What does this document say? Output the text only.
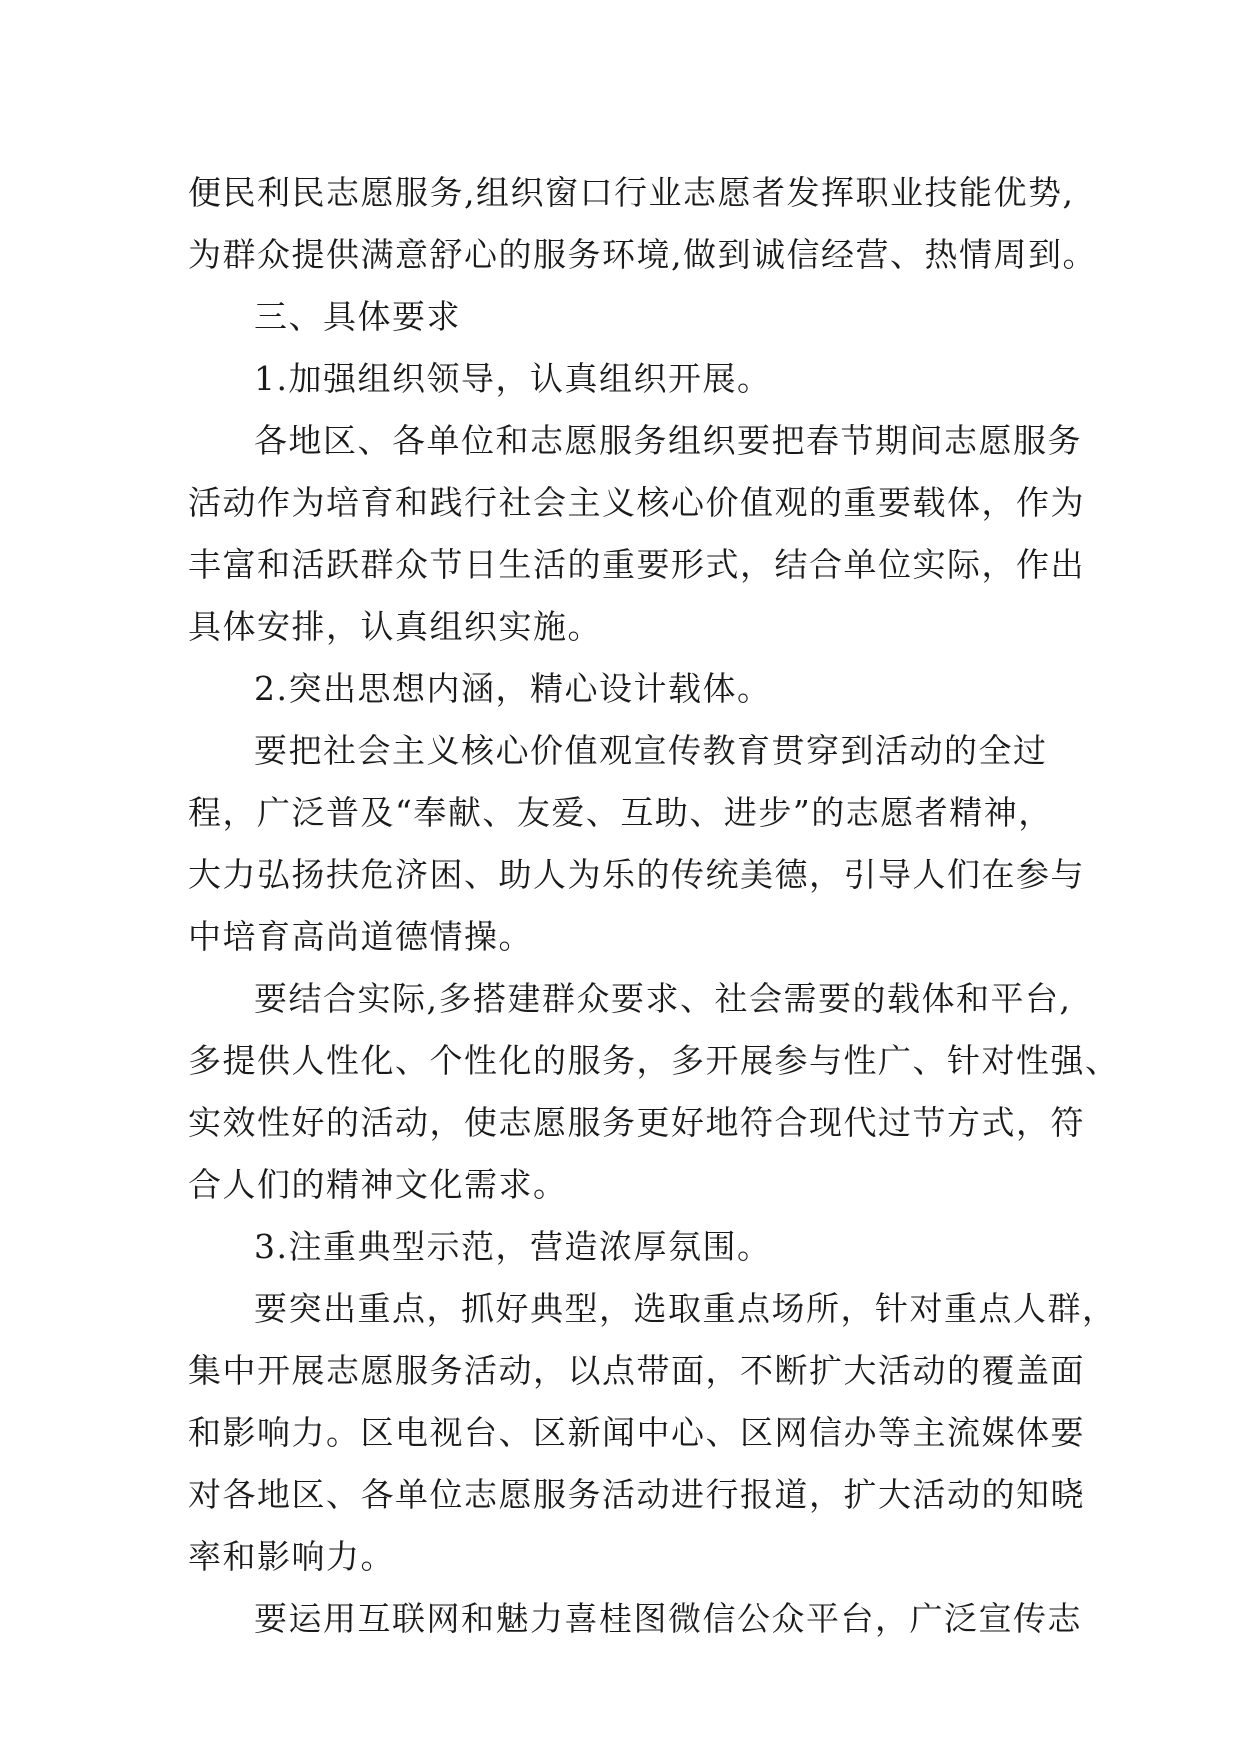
便民利民志愿服务,组织窗口行业志愿者发挥职业技能优势,
为群众提供满意舒心的服务环境,做到诚信经营、热情周到。
三、具体要求
1.加强组织领导，认真组织开展。
各地区、各单位和志愿服务组织要把春节期间志愿服务
活动作为培育和践行社会主义核心价值观的重要载体，作为
丰富和活跃群众节日生活的重要形式，结合单位实际，作出
具体安排，认真组织实施。
2.突出思想内涵，精心设计载体。
要把社会主义核心价值观宣传教育贯穿到活动的全过
程，广泛普及“奉献、友爱、互助、进步”的志愿者精神，
大力弘扬扶危济困、助人为乐的传统美德，引导人们在参与
中培育高尚道德情操。
要结合实际,多搭建群众要求、社会需要的载体和平台,
多提供人性化、个性化的服务，多开展参与性广、针对性强、
实效性好的活动，使志愿服务更好地符合现代过节方式，符
合人们的精神文化需求。
3.注重典型示范，营造浓厚氛围。
要突出重点，抓好典型，选取重点场所，针对重点人群，
集中开展志愿服务活动，以点带面，不断扩大活动的覆盖面
和影响力。区电视台、区新闻中心、区网信办等主流媒体要
对各地区、各单位志愿服务活动进行报道，扩大活动的知晓
率和影响力。
要运用互联网和魅力喜桂图微信公众平台，广泛宣传志
